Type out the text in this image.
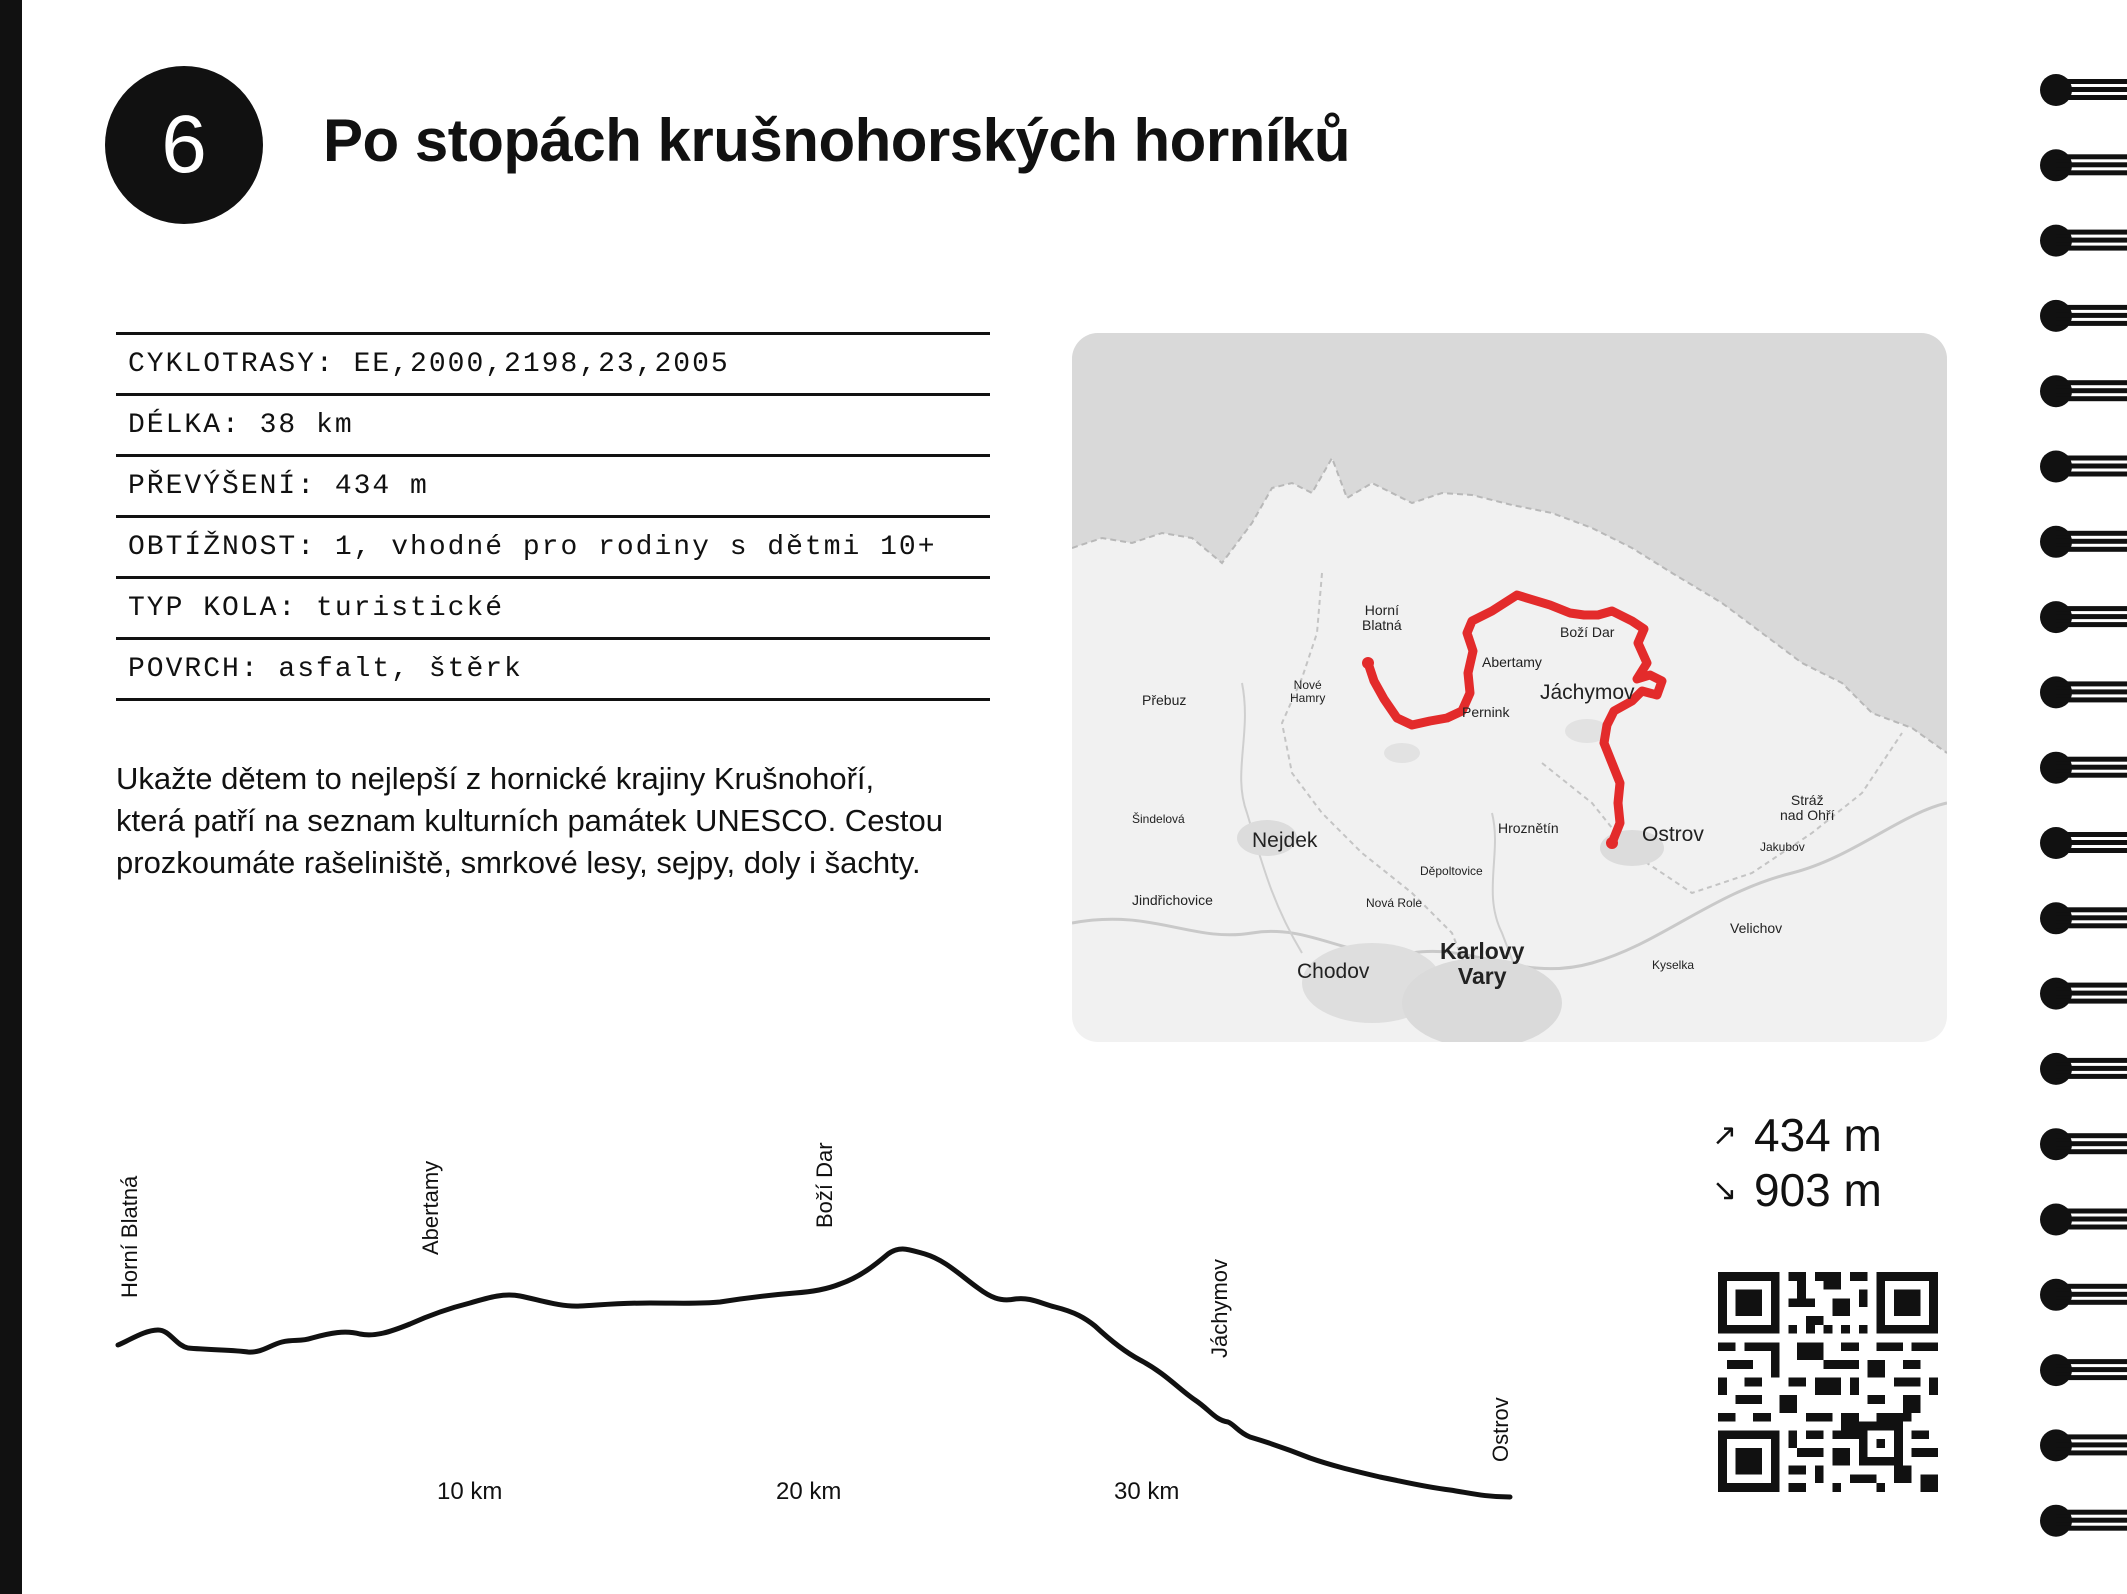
6 Po stopách krušnohorských horníků
CYKLOTRASY: EE,2000,2198,23,2005
DÉLKA: 38 km
PŘEVÝŠENÍ: 434 m
OBTÍŽNOST: 1, vhodné pro rodiny s dětmi 10+
TYP KOLA: turistické
POVRCH: asfalt, štěrk
Ukažte dětem to nejlepší z hornické krajiny Krušnohoří,
která patří na seznam kulturních památek UNESCO. Cestou
prozkoumáte rašeliniště, smrkové lesy, sejpy, doly i šachty.
Horní
Blatná	Boží Dar
Abertamy
Jáchymov
Pernink
Nové
Hamry
Přebuz
Šindelová
Nejdek
Jindřichovice
Hroznětín	Ostrov
Stráž
nad Ohří
Jakubov
Děpoltovice
Nová Role
Velichov
Kyselka
Chodov
Karlovy
Vary
Horní Blatná	Abertamy	Boží Dar
Jáchymov
Ostrov
10 km	20 km	30 km
↗ 434 m
↘ 903 m
